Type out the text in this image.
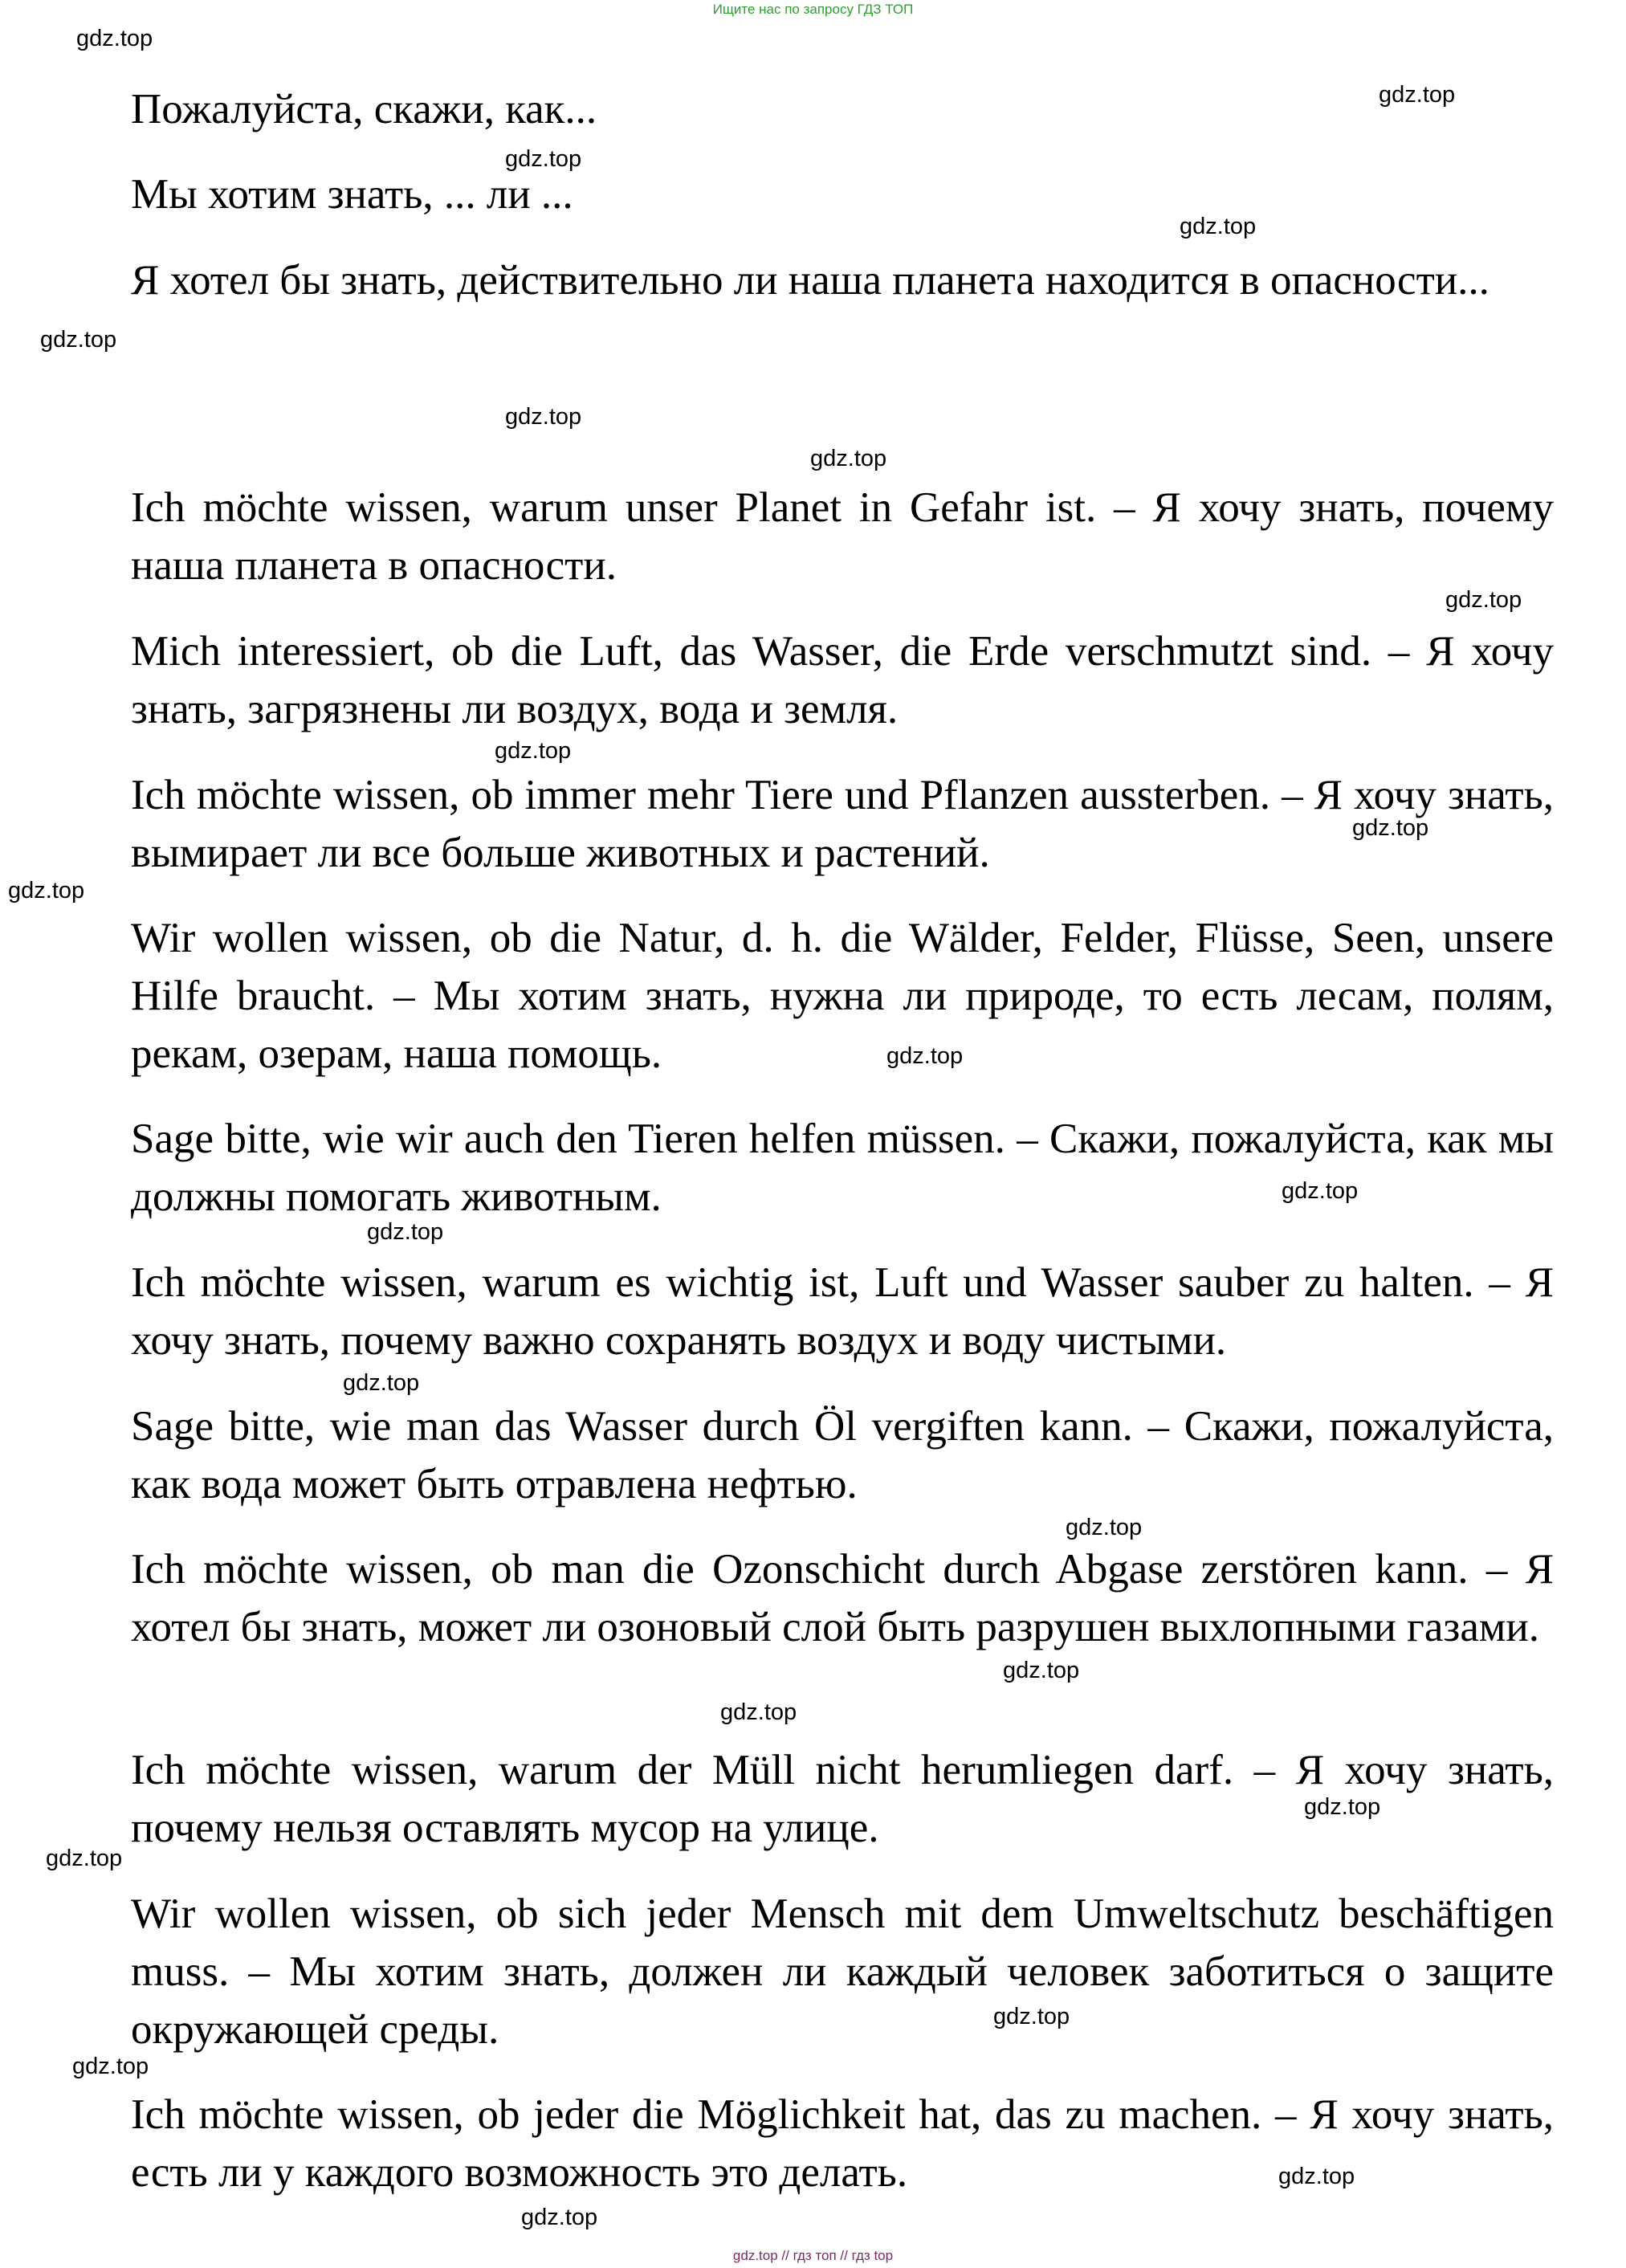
Ищите нас по запросу ГДЗ ТОП

Пожалуйста, скажи, как...

Мы хотим знать, ... ли ...

Я хотел бы знать, действительно ли наша планета находится в опасности...

Ich möchte wissen, warum unser Planet in Gefahr ist. – Я хочу знать, почему наша планета в опасности.

Mich interessiert, ob die Luft, das Wasser, die Erde verschmutzt sind. – Я хочу знать, загрязнены ли воздух, вода и земля.

Ich möchte wissen, ob immer mehr Tiere und Pflanzen aussterben. – Я хочу знать, вымирает ли все больше животных и растений.

Wir wollen wissen, ob die Natur, d. h. die Wälder, Felder, Flüsse, Seen, unsere Hilfe braucht. – Мы хотим знать, нужна ли природе, то есть лесам, полям, рекам, озерам, наша помощь.

Sage bitte, wie wir auch den Tieren helfen müssen. – Скажи, пожалуйста, как мы должны помогать животным.

Ich möchte wissen, warum es wichtig ist, Luft und Wasser sauber zu halten. – Я хочу знать, почему важно сохранять воздух и воду чистыми.

Sage bitte, wie man das Wasser durch Öl vergiften kann. – Скажи, пожалуйста, как вода может быть отравлена нефтью.

Ich möchte wissen, ob man die Ozonschicht durch Abgase zerstören kann. – Я хотел бы знать, может ли озоновый слой быть разрушен выхлопными газами.

Ich möchte wissen, warum der Müll nicht herumliegen darf. – Я хочу знать, почему нельзя оставлять мусор на улице.

Wir wollen wissen, ob sich jeder Mensch mit dem Umweltschutz beschäftigen muss. – Мы хотим знать, должен ли каждый человек заботиться о защите окружающей среды.

Ich möchte wissen, ob jeder die Möglichkeit hat, das zu machen. – Я хочу знать, есть ли у каждого возможность это делать.

gdz.top
gdz.top
gdz.top
gdz.top
gdz.top
gdz.top
gdz.top
gdz.top
gdz.top
gdz.top
gdz.top
gdz.top
gdz.top
gdz.top
gdz.top
gdz.top
gdz.top
gdz.top
gdz.top
gdz.top
gdz.top
gdz.top
gdz.top
gdz.top
gdz.top // гдз топ // гдз top
